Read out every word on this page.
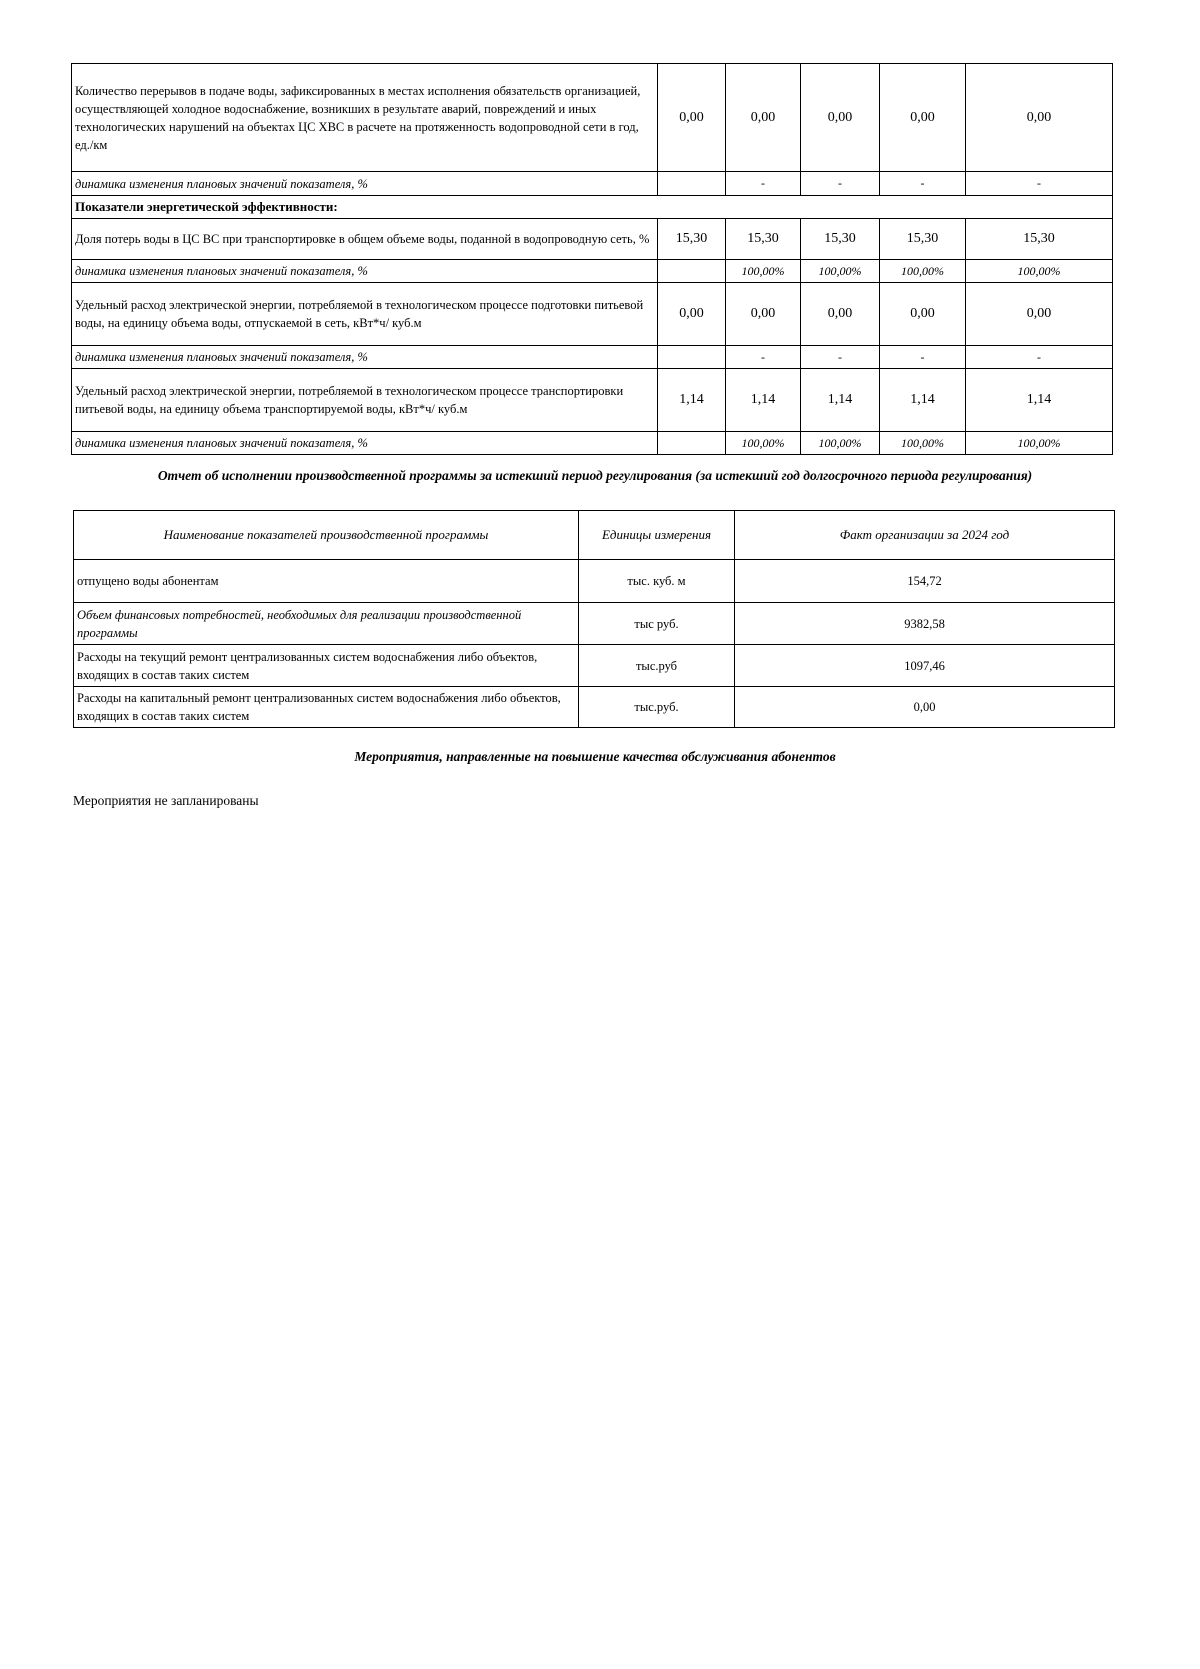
Количество перерывов в подаче воды, зафиксированных в местах исполнения обязательств организацией, осуществляющей холодное водоснабжение, возникших в результате аварий, повреждений и иных технологических нарушений на объектах ЦС ХВС в расчете на протяженность водопроводной сети в год, ед./км	0,00	0,00	0,00	0,00	0,00
динамика изменения плановых значений показателя, %		-	-	-	-
Показатели энергетической эффективности:					
Доля потерь воды в ЦС ВС при транспортировке в общем объеме воды, поданной в водопроводную сеть, %	15,30	15,30	15,30	15,30	15,30
динамика изменения плановых значений показателя, %		100,00%	100,00%	100,00%	100,00%
Удельный расход электрической энергии, потребляемой в технологическом процессе подготовки питьевой воды, на единицу объема воды, отпускаемой в сеть, кВт*ч/ куб.м	0,00	0,00	0,00	0,00	0,00
динамика изменения плановых значений показателя, %		-	-	-	-
Удельный расход электрической энергии, потребляемой в технологическом процессе транспортировки питьевой воды, на единицу объема транспортируемой воды, кВт*ч/ куб.м	1,14	1,14	1,14	1,14	1,14
динамика изменения плановых значений показателя, %		100,00%	100,00%	100,00%	100,00%
Отчет об исполнении производственной программы за истекший период регулирования (за истекший год долгосрочного периода регулирования)
Наименование показателей производственной программы	Единицы измерения	Факт организации за 2024 год
отпущено воды абонентам	тыс. куб. м	154,72
Объем финансовых потребностей, необходимых для реализации производственной программы	тыс руб.	9382,58
Расходы на текущий ремонт централизованных систем водоснабжения либо объектов, входящих в состав таких систем	тыс.руб	1097,46
Расходы на капитальный ремонт централизованных систем водоснабжения либо объектов, входящих в состав таких систем	тыс.руб.	0,00
Мероприятия, направленные на повышение качества обслуживания абонентов
Мероприятия не запланированы
